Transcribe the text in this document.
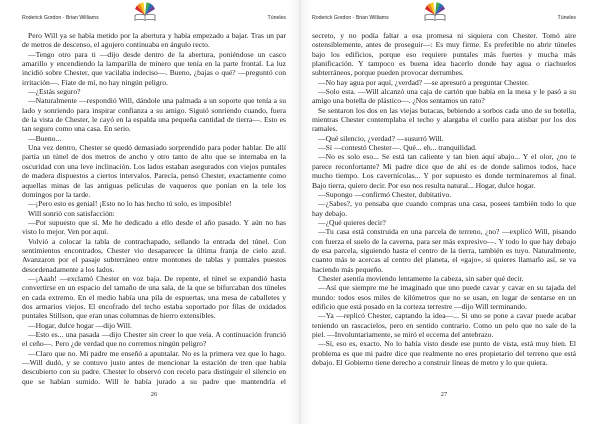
Roderick Gordon - Brian Williams	Túneles

Pero Will ya se había metido por la abertura y había empezado a bajar. Tras un par de metros de descenso, el agujero continuaba en ángulo recto.

—Tengo otro para ti —dijo desde dentro de la abertura, poniéndose un casco amarillo y encendiendo la lamparilla de minero que tenía en la parte frontal. La luz incidió sobre Chester, que vacilaba indeciso—. Bueno, ¿bajas o qué? —preguntó con irritación—. Fíate de mí, no hay ningún peligro.

—¿Estás seguro?

—Naturalmente —respondió Will, dándole una palmada a un soporte que tenía a su lado y sonriendo para inspirar confianza a su amigo. Siguió sonriendo cuando, fuera de la vista de Chester, le cayó en la espalda una pequeña cantidad de tierra—. Esto es tan seguro como una casa. En serio.

—Bueno...

Una vez dentro, Chester se quedó demasiado sorprendido para poder hablar. De allí partía un túnel de dos metros de ancho y otro tanto de alto que se internaba en la oscuridad con una leve inclinación. Los lados estaban asegurados con viejos puntales de madera dispuestos a ciertos intervalos. Parecía, pensó Chester, exactamente como aquellas minas de las antiguas películas de vaqueros que ponían en la tele los domingos por la tarde.

—¡Pero esto es genial! ¡Esto no lo has hecho tú solo, es imposible!

Will sonrió con satisfacción:

—Por supuesto que sí. Me he dedicado a ello desde el año pasado. Y aún no has visto lo mejor. Ven por aquí.

Volvió a colocar la tabla de contrachapado, sellando la entrada del túnel. Con sentimientos encontrados, Chester vio desaparecer la última franja de cielo azul. Avanzaron por el pasaje subterráneo entre montones de tablas y puntales puestos desordenadamente a los lados.

—¡Aaah! —exclamó Chester en voz baja. De repente, el túnel se expandió hasta convertirse en un espacio del tamaño de una sala, de la que se bifurcaban dos túneles en cada extremo. En el medio había una pila de espuertas, una mesa de caballetes y dos armarios viejos. El encofrado del techo estaba soportado por filas de oxidados puntales Stillson, que eran unas columnas de hierro extensibles.

—Hogar, dulce hogar —dijo Will.

—Esto es... una pasada —dijo Chester sin creer lo que veía. A continuación frunció el ceño—. Pero ¿de verdad que no corremos ningún peligro?

—Claro que no. Mi padre me enseñó a apuntalar. No es la primera vez que lo hago. —Will dudó, y se contuvo justo antes de mencionar la estación de tren que había descubierto con su padre. Chester lo observó con recelo para distinguir el silencio en que se habían sumido. Will le había jurado a su padre que mantendría el

26
Roderick Gordon - Brian Williams	Túneles

secreto, y no podía faltar a esa promesa ni siquiera con Chester. Tomó aire ostensiblemente, antes de proseguir—: Es muy firme. Es preferible no abrir túneles bajo los edificios, porque eso requiere puntales más fuertes y mucha más planificación. Y tampoco es buena idea hacerlo donde hay agua o riachuelos subterráneos, porque pueden provocar derrumbes.

—No hay agua por aquí, ¿verdad? —se apresuró a preguntar Chester.

—Solo esta. —Will alcanzó una caja de cartón que había en la mesa y le pasó a su amigo una botella de plástico—. ¿Nos sentamos un rato?

Se sentaron los dos en las viejas butacas, bebiendo a sorbos cada uno de su botella, mientras Chester contemplaba el techo y alargaba el cuello para atisbar por los dos ramales.

—Qué silencio, ¿verdad? —susurró Will.

—Sí —contestó Chester—. Qué... eh... tranquilidad.

—No es solo eso... Se está tan caliente y tan bien aquí abajo... Y el olor, ¿no te parece reconfortante? Mi padre dice que de ahí es de donde salimos todos, hace mucho tiempo. Los cavernícolas... Y por supuesto es donde terminaremos al final. Bajo tierra, quiero decir. Por eso nos resulta natural... Hogar, dulce hogar.

—Supongo —confirmó Chester, dubitativo.

—¿Sabes?, yo pensaba que cuando compras una casa, posees también todo lo que hay debajo.

—¿Qué quieres decir?

—Tu casa está construida en una parcela de terreno, ¿no? —explicó Will, pisando con fuerza el suelo de la caverna, para ser más expresivo—. Y todo lo que hay debajo de esa parcela, siguiendo hasta el centro de la tierra, también es tuyo. Naturalmente, cuanto más te acercas al centro del planeta, el «gajo», si quieres llamarlo así, se va haciendo más pequeño.

Chester asentía moviendo lentamente la cabeza, sin saber qué decir.

—Así que siempre me he imaginado que uno puede cavar y cavar en su tajada del mundo: todos esos miles de kilómetros que no se usan, en lugar de sentarse en un edificio que está posado en la corteza terrestre —dijo Will terminando.

—Ya —replicó Chester, captando la idea—... Si uno se pone a cavar puede acabar teniendo un rascacielos, pero en sentido contrario. Como un pelo que no sale de la piel. —Involuntariamente, se miró el eccema del antebrazo.

—Sí, eso es, exacto. No lo había visto desde ese punto de vista, está muy bien. El problema es que mi padre dice que realmente no eres propietario del terreno que está debajo. El Gobierno tiene derecho a construir líneas de metro y lo que quiera.

27
